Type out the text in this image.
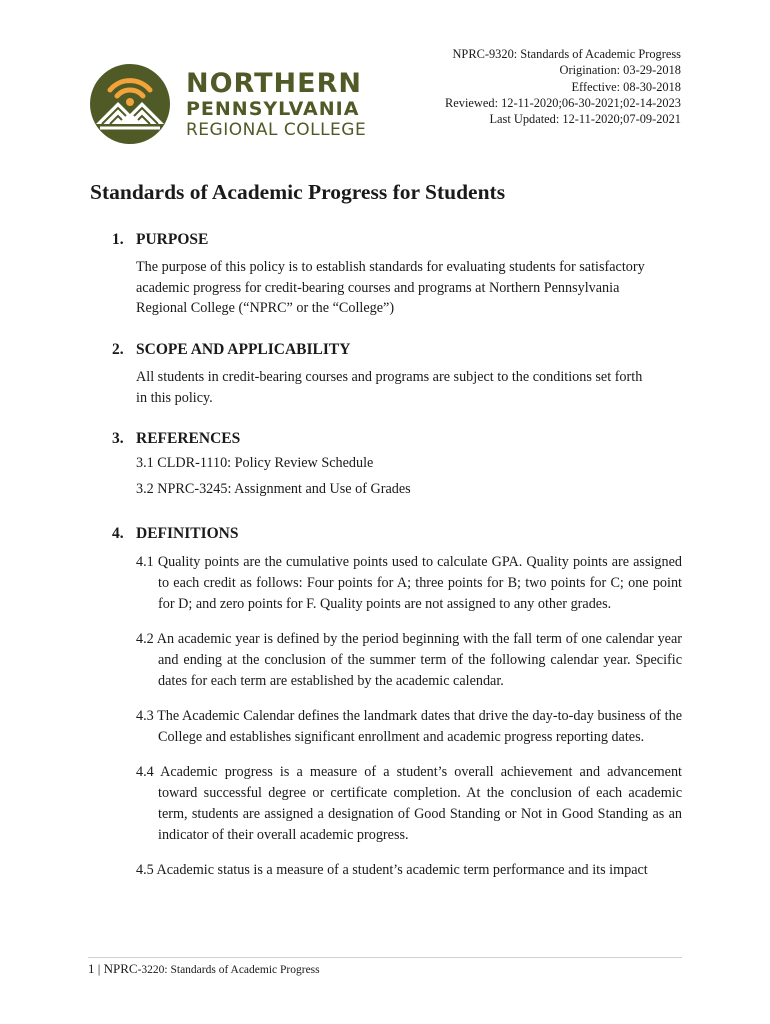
NORTHERN
PENNSYLVANIA
REGIONAL COLLEGE
NPRC-9320: Standards of Academic Progress
Origination: 03-29-2018
Effective: 08-30-2018
Reviewed: 12-11-2020;06-30-2021;02-14-2023
Last Updated: 12-11-2020;07-09-2021
Standards of Academic Progress for Students
1. PURPOSE

The purpose of this policy is to establish standards for evaluating students for satisfactory

academic progress for credit-bearing courses and programs at Northern Pennsylvania

Regional College (“NPRC” or the “College”)

2. SCOPE AND APPLICABILITY

All students in credit-bearing courses and programs are subject to the conditions set forth

in this policy.

3. REFERENCES

3.1 CLDR-1110: Policy Review Schedule

3.2 NPRC-3245: Assignment and Use of Grades

4. DEFINITIONS

4.1 Quality points are the cumulative points used to calculate GPA. Quality points are assigned to each credit as follows: Four points for A; three points for B; two points for C; one point for D; and zero points for F. Quality points are not assigned to any other grades.

4.2 An academic year is defined by the period beginning with the fall term of one calendar year and ending at the conclusion of the summer term of the following calendar year. Specific dates for each term are established by the academic calendar.

4.3 The Academic Calendar defines the landmark dates that drive the day-to-day business of the College and establishes significant enrollment and academic progress reporting dates.

4.4 Academic progress is a measure of a student’s overall achievement and advancement toward successful degree or certificate completion. At the conclusion of each academic term, students are assigned a designation of Good Standing or Not in Good Standing as an indicator of their overall academic progress.

4.5 Academic status is a measure of a student’s academic term performance and its impact

1 | NPRC-3220: Standards of Academic Progress
